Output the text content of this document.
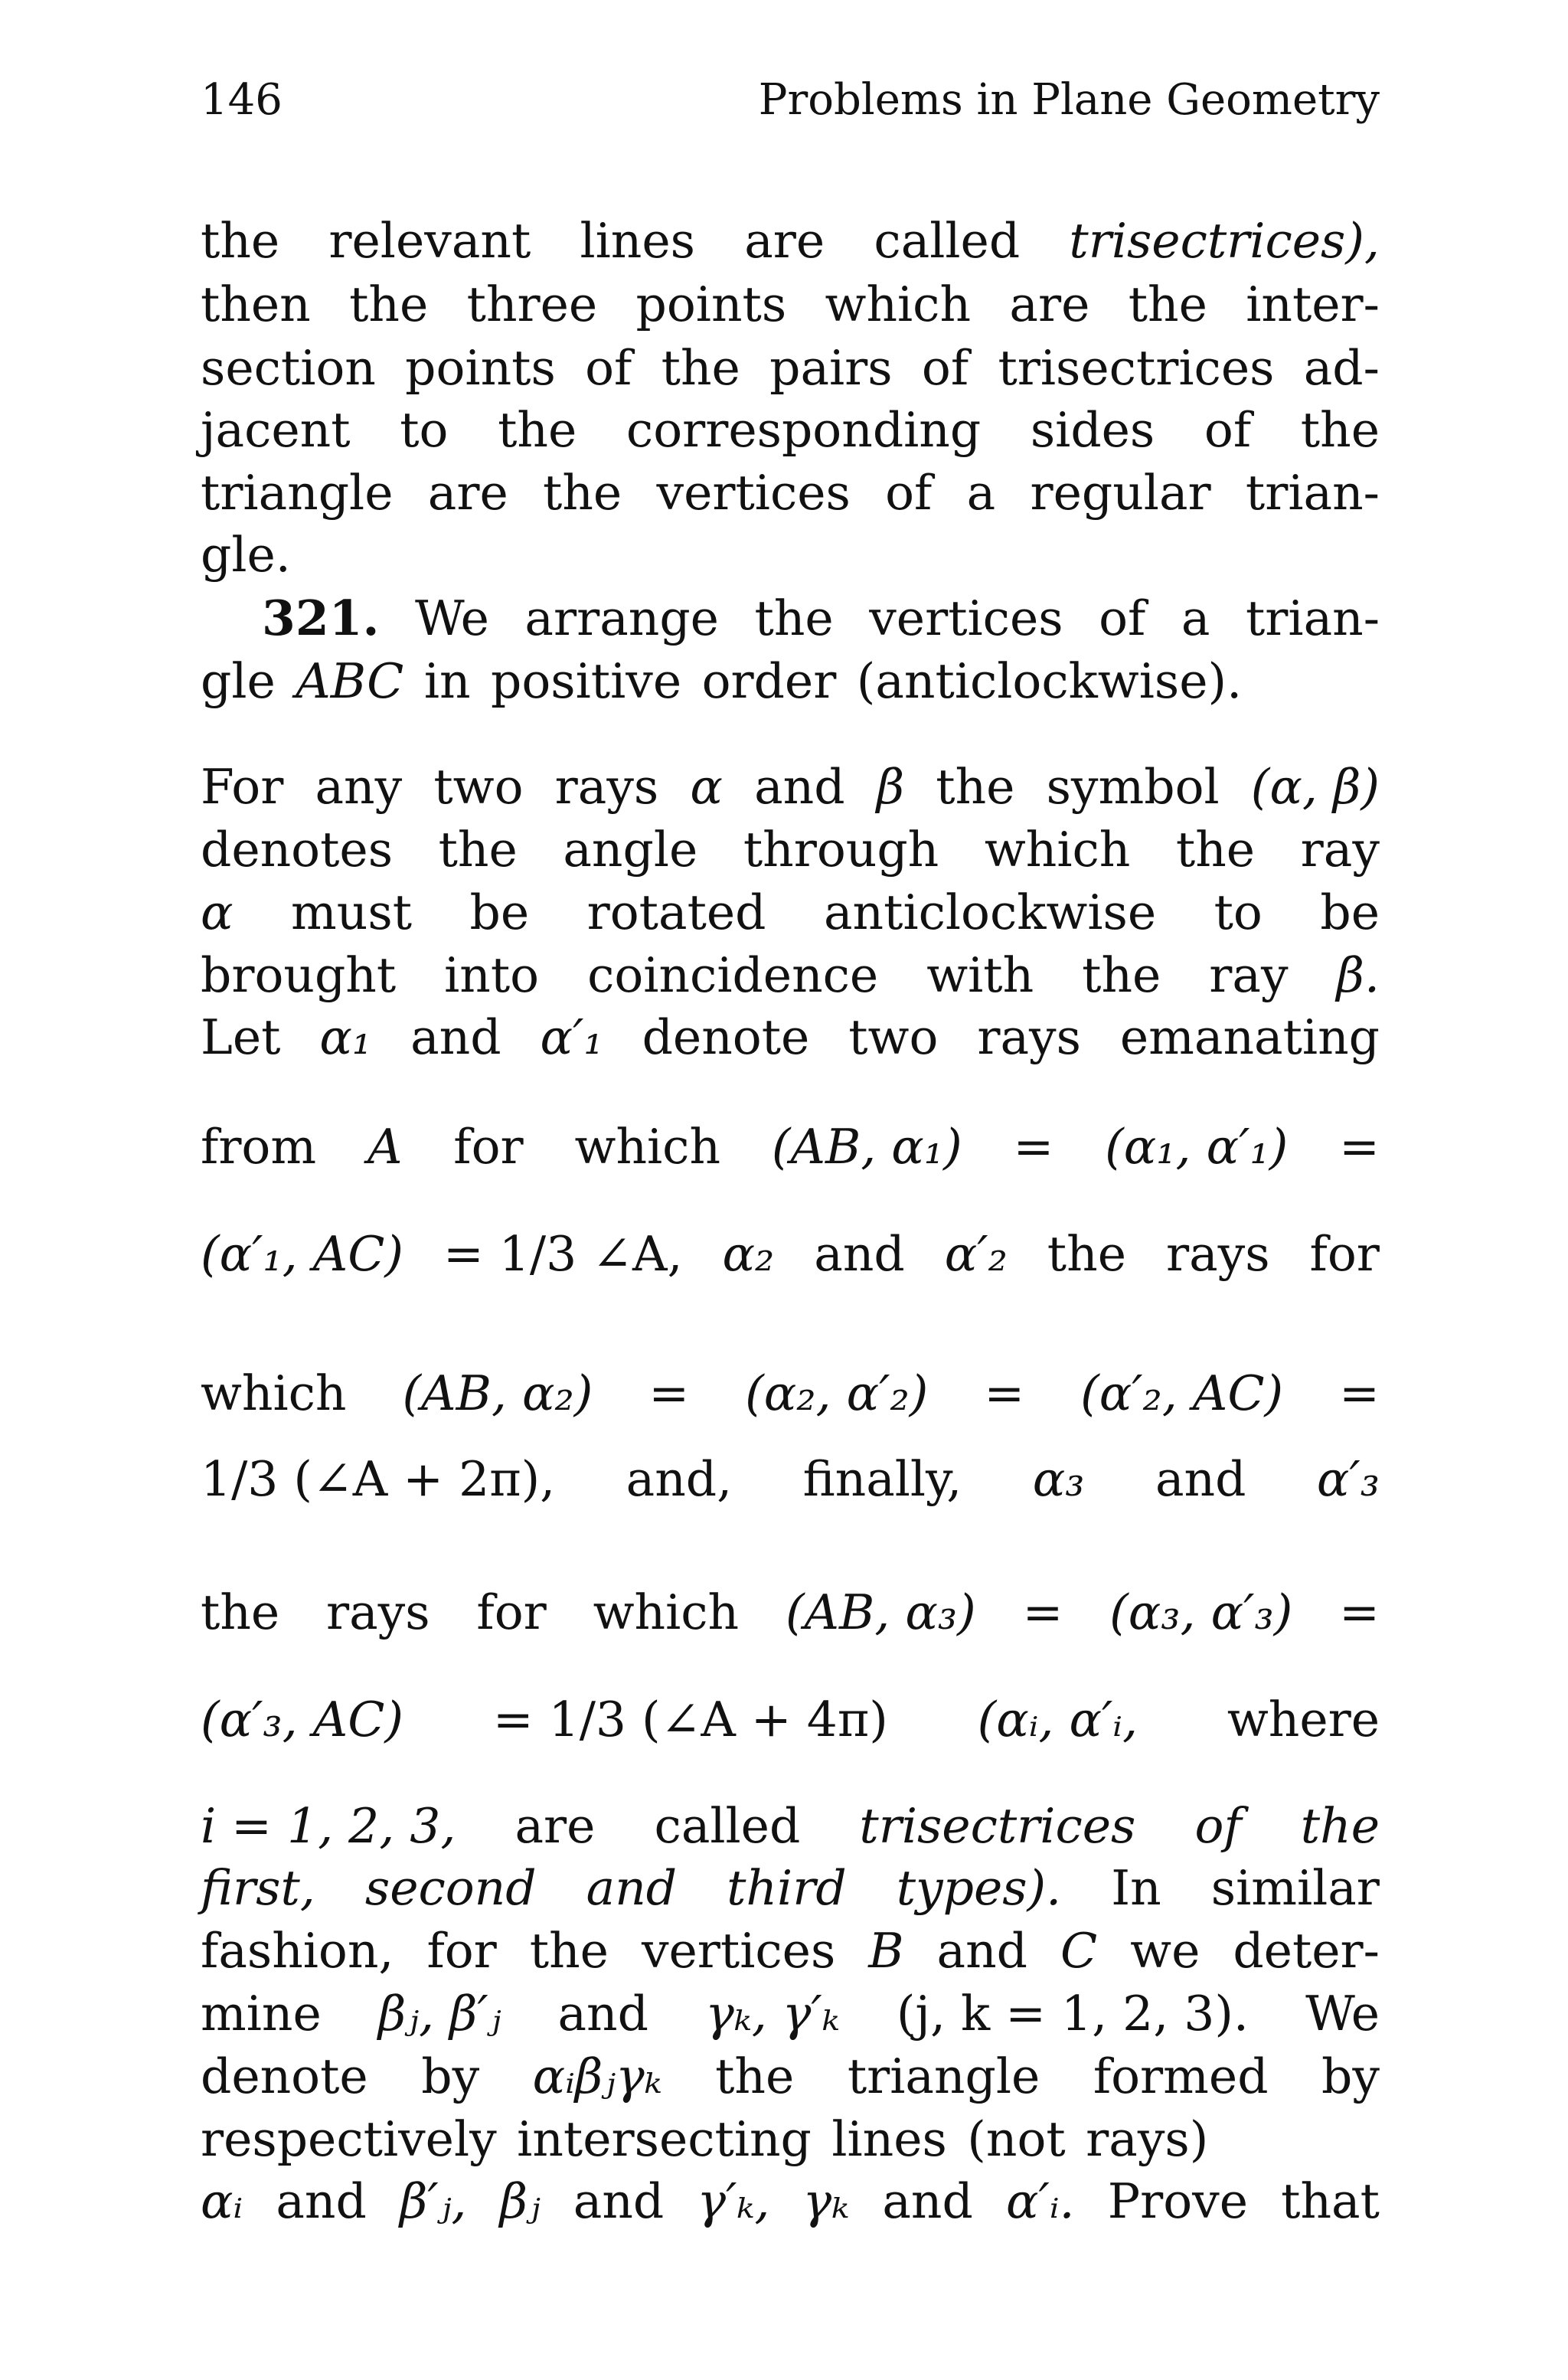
146	Problems in Plane Geometry
the relevant lines are called trisectrices),
then the three points which are the inter-
section points of the pairs of trisectrices ad-
jacent to the corresponding sides of the
triangle are the vertices of a regular trian-
gle.
321. We arrange the vertices of a trian-
gle ABC in positive order (anticlockwise).
For any two rays α and β the symbol (α, β)
denotes the angle through which the ray
α must be rotated anticlockwise to be
brought into coincidence with the ray β.
Let α₁ and α′₁ denote two rays emanating
from A for which (AB, α₁) = (α₁, α′₁) =
(α′₁, AC) = 1/3 ∠A, α₂ and α′₂ the rays for
which (AB, α₂) = (α₂, α′₂) = (α′₂, AC) =
1/3 (∠A + 2π), and, finally, α₃ and α′₃
the rays for which (AB, α₃) = (α₃, α′₃) =
(α′₃, AC) = 1/3 (∠A + 4π) (αᵢ, α′ᵢ, where
i = 1, 2, 3, are called trisectrices of the
first, second and third types). In similar
fashion, for the vertices B and C we deter-
mine βⱼ, β′ⱼ and γₖ, γ′ₖ (j, k = 1, 2, 3). We
denote by αᵢβⱼγₖ the triangle formed by
respectively intersecting lines (not rays)
αᵢ and β′ⱼ, βⱼ and γ′ₖ, γₖ and α′ᵢ. Prove that
